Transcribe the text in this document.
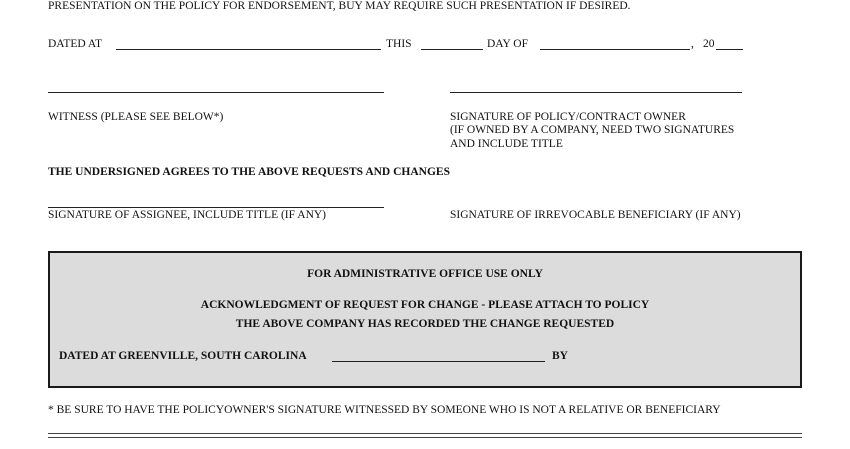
PRESENTATION ON THE POLICY FOR ENDORSEMENT, BUY MAY REQUIRE SUCH PRESENTATION IF DESIRED.
DATED AT	THIS	DAY OF	, 20
WITNESS (PLEASE SEE BELOW*)	SIGNATURE OF POLICY/CONTRACT OWNER
(IF OWNED BY A COMPANY, NEED TWO SIGNATURES
AND INCLUDE TITLE
THE UNDERSIGNED AGREES TO THE ABOVE REQUESTS AND CHANGES
SIGNATURE OF ASSIGNEE, INCLUDE TITLE (IF ANY)	SIGNATURE OF IRREVOCABLE BENEFICIARY (IF ANY)
FOR ADMINISTRATIVE OFFICE USE ONLY
ACKNOWLEDGMENT OF REQUEST FOR CHANGE - PLEASE ATTACH TO POLICY
THE ABOVE COMPANY HAS RECORDED THE CHANGE REQUESTED
DATED AT GREENVILLE, SOUTH CAROLINA	BY
* BE SURE TO HAVE THE POLICYOWNER'S SIGNATURE WITNESSED BY SOMEONE WHO IS NOT A RELATIVE OR BENEFICIARY
